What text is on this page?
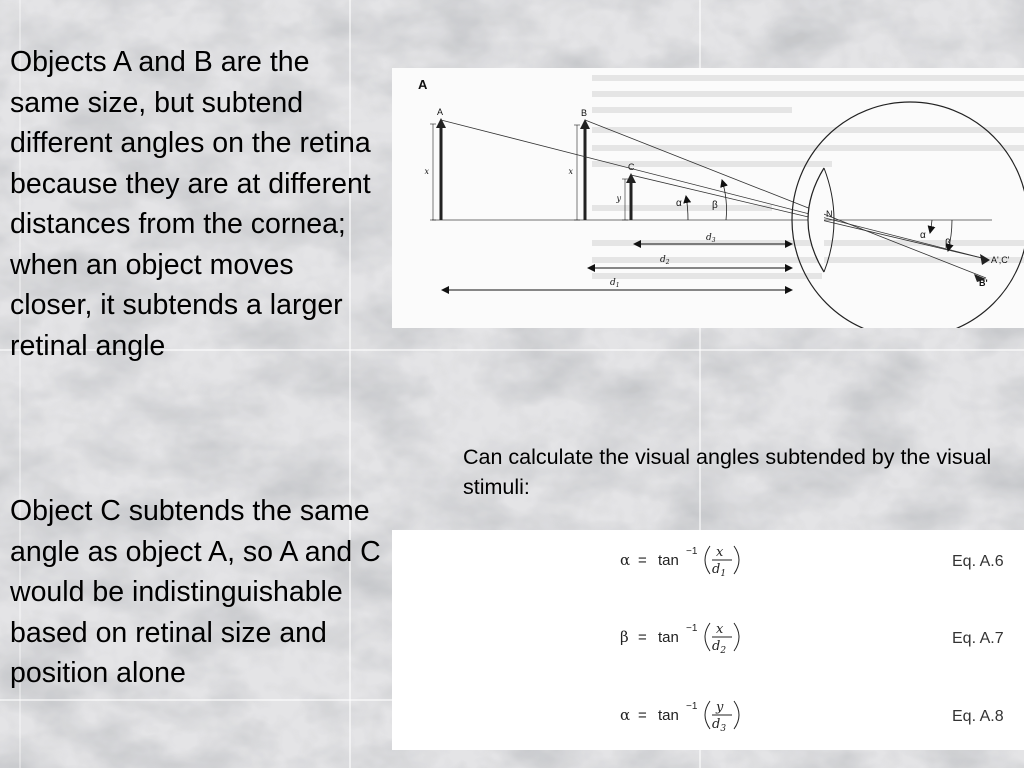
Objects A and B are the same size, but subtend different angles on the retina because they are at different distances from the cornea; when an object moves closer, it subtends a larger retinal angle

Object C subtends the same angle as object A, so A and C would be indistinguishable based on retinal size and position alone

A
A	B
C
x	x
y	α	β
N
α
β
A',C'
B'
$d_3$
$d_2$
$d_1$

Can calculate the visual angles subtended by the visual stimuli:

α = tan
−1 x
$d_1$
Eq. A.6
β = tan
−1 x
$d_2$
Eq. A.7
α = tan
−1 y
$d_3$
Eq. A.8
